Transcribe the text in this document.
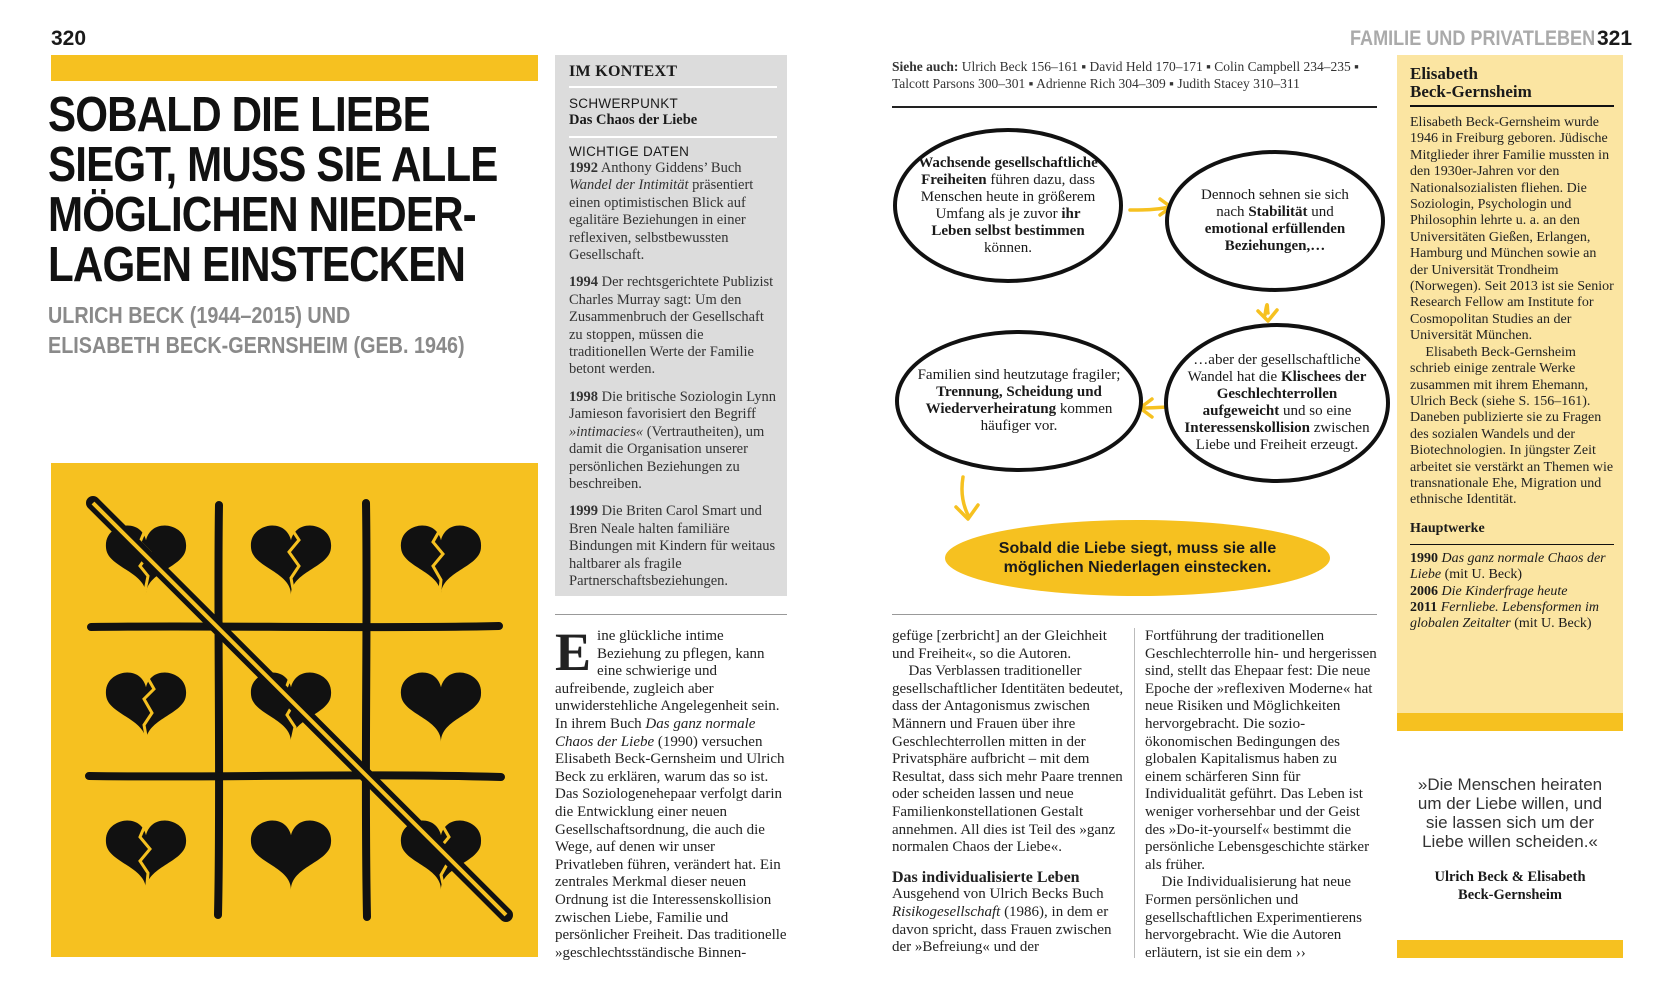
320
SOBALD DIE LIEBE
SIEGT, MUSS SIE ALLE
MÖGLICHEN NIEDER-
LAGEN EINSTECKEN
ULRICH BECK (1944–2015) UND
ELISABETH BECK-GERNSHEIM (GEB. 1946)
IM KONTEXT
SCHWERPUNKT
Das Chaos der Liebe
WICHTIGE DATEN

1992 Anthony Giddens’ Buch Wandel der Intimität präsentiert einen optimistischen Blick auf egalitäre Beziehungen in einer reflexiven, selbstbewussten Gesellschaft.

1994 Der rechtsgerichtete Publizist Charles Murray sagt: Um den Zusammenbruch der Gesellschaft zu stoppen, müssen die traditionellen Werte der Familie betont werden.

1998 Die britische Soziologin Lynn Jamieson favorisiert den Begriff »intimacies« (Vertrautheiten), um damit die Organisation unserer persönlichen Beziehungen zu beschreiben.

1999 Die Briten Carol Smart und Bren Neale halten familiäre Bindungen mit Kindern für weitaus haltbarer als fragile Partnerschaftsbeziehungen.

E ine glückliche intime Beziehung zu pflegen, kann eine schwierige und aufreibende, zugleich aber unwiderstehliche Angelegenheit sein. In ihrem Buch Das ganz normale Chaos der Liebe (1990) versuchen Elisabeth Beck-Gernsheim und Ulrich Beck zu erklären, warum das so ist. Das Soziologenehepaar verfolgt darin die Entwicklung einer neuen Gesellschaftsordnung, die auch die Wege, auf denen wir unser Privatleben führen, verändert hat. Ein zentrales Merkmal dieser neuen Ordnung ist die Interessenskollision zwischen Liebe, Familie und persönlicher Freiheit. Das traditionelle »geschlechtsständische Binnen-

FAMILIE UND PRIVATLEBEN 321
Siehe auch: Ulrich Beck 156–161 ▪ David Held 170–171 ▪ Colin Campbell 234–235 ▪ Talcott Parsons 300–301 ▪ Adrienne Rich 304–309 ▪ Judith Stacey 310–311
Wachsende gesellschaftliche Freiheiten führen dazu, dass Menschen heute in größerem Umfang als je zuvor ihr Leben selbst bestimmen können.
Dennoch sehnen sie sich nach Stabilität und emotional erfüllenden Beziehungen,…
…aber der gesellschaftliche Wandel hat die Klischees der Geschlechterrollen aufgeweicht und so eine Interessenskollision zwischen Liebe und Freiheit erzeugt.
Familien sind heutzutage fragiler; Trennung, Scheidung und Wiederverheiratung kommen häufiger vor.
Sobald die Liebe siegt, muss sie alle möglichen Niederlagen einstecken.

gefüge [zerbricht] an der Gleichheit und Freiheit«, so die Autoren.

Das Verblassen traditioneller gesellschaftlicher Identitäten bedeutet, dass der Antagonismus zwischen Männern und Frauen über ihre Geschlechterrollen mitten in der Privatsphäre aufbricht – mit dem Resultat, dass sich mehr Paare trennen oder scheiden lassen und neue Familienkonstellationen Gestalt annehmen. All dies ist Teil des »ganz normalen Chaos der Liebe«.

Das individualisierte Leben

Ausgehend von Ulrich Becks Buch Risikogesellschaft (1986), in dem er davon spricht, dass Frauen zwischen der »Befreiung« und der

Fortführung der traditionellen Geschlechterrolle hin- und hergerissen sind, stellt das Ehepaar fest: Die neue Epoche der »reflexiven Moderne« hat neue Risiken und Möglichkeiten hervorgebracht. Die sozio-ökonomischen Bedingungen des globalen Kapitalismus haben zu einem schärferen Sinn für Individualität geführt. Das Leben ist weniger vorhersehbar und der Geist des »Do-it-yourself« bestimmt die persönliche Lebensgeschichte stärker als früher.

Die Individualisierung hat neue Formen persönlichen und gesellschaftlichen Experimentierens hervorgebracht. Wie die Autoren erläutern, ist sie ein dem ››

Elisabeth
Beck-Gernsheim

Elisabeth Beck-Gernsheim wurde 1946 in Freiburg geboren. Jüdische Mitglieder ihrer Familie mussten in den 1930er-Jahren vor den Nationalsozialisten fliehen. Die Soziologin, Psychologin und Philosophin lehrte u. a. an den Universitäten Gießen, Erlangen, Hamburg und München sowie an der Universität Trondheim (Norwegen). Seit 2013 ist sie Senior Research Fellow am Institute for Cosmopolitan Studies an der Universität München.

Elisabeth Beck-Gernsheim schrieb einige zentrale Werke zusammen mit ihrem Ehemann, Ulrich Beck (siehe S. 156–161). Daneben publizierte sie zu Fragen des sozialen Wandels und der Biotechnologien. In jüngster Zeit arbeitet sie verstärkt an Themen wie transnationale Ehe, Migration und ethnische Identität.

Hauptwerke
1990 Das ganz normale Chaos der Liebe (mit U. Beck)
2006 Die Kinderfrage heute
2011 Fernliebe. Lebensformen im globalen Zeitalter (mit U. Beck)
»Die Menschen heiraten um der Liebe willen, und sie lassen sich um der Liebe willen scheiden.«
Ulrich Beck & Elisabeth
Beck-Gernsheim
